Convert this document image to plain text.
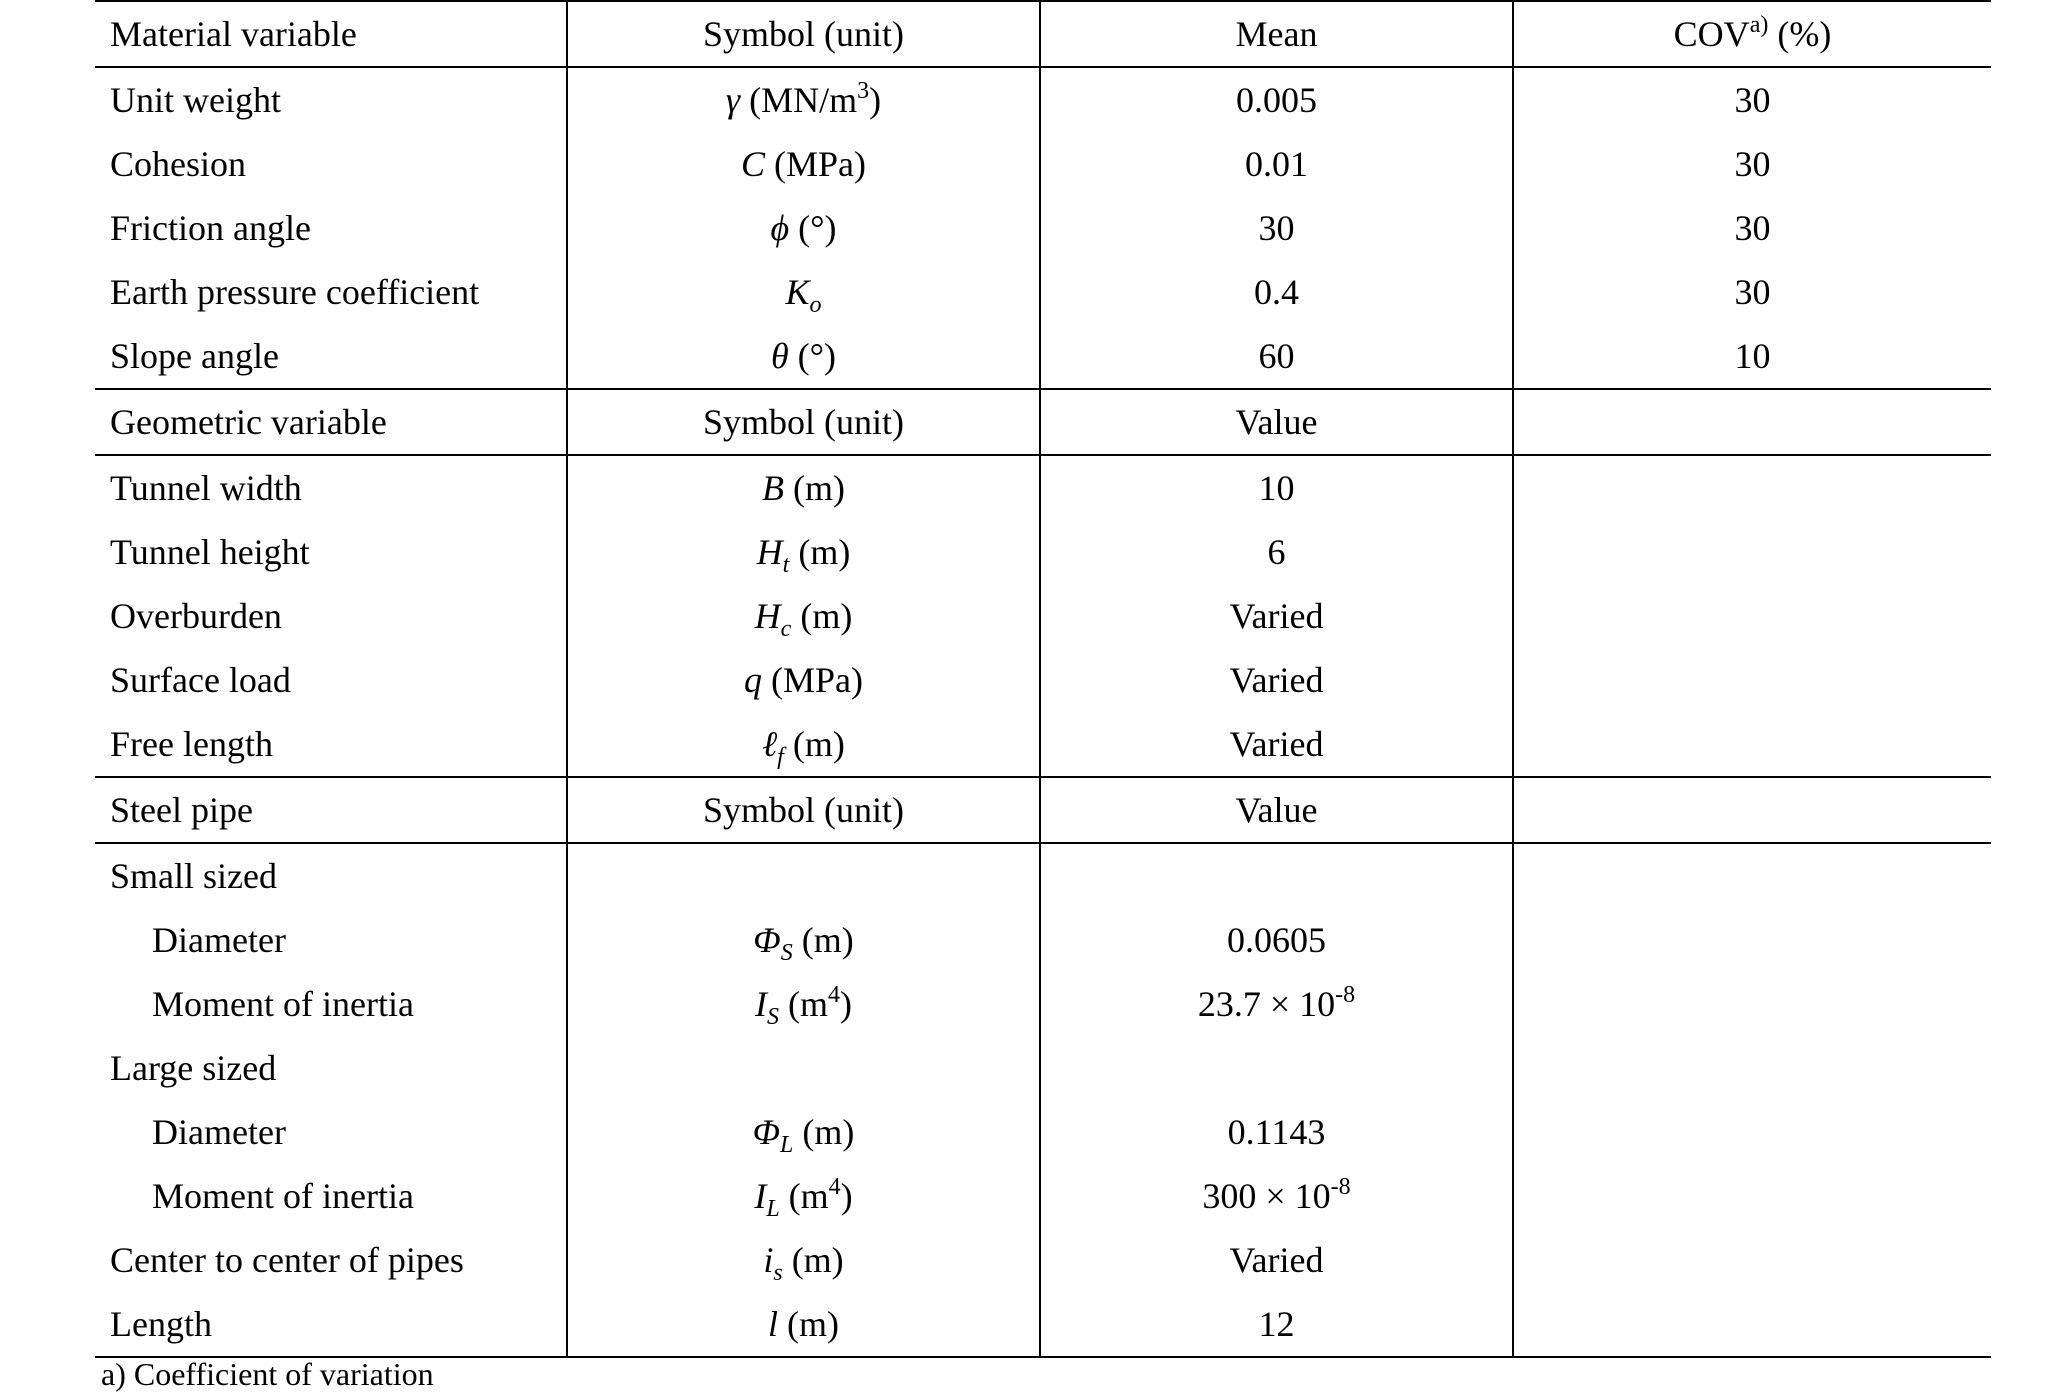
Material variable	Symbol (unit)	Mean	COV$^{a)}$ (%)
Unit weight	γ $(MN/m^3)$	0.005	30
Cohesion	C (MPa)	0.01	30
Friction angle	ϕ (°)	30	30
Earth pressure coefficient	$K_o$	0.4	30
Slope angle	θ (°)	60	10
Geometric variable	Symbol (unit)	Value	
Tunnel width	B (m)	10	
Tunnel height	$H_t$ (m)	6	
Overburden	$H_c$ (m)	Varied	
Surface load	q (MPa)	Varied	
Free length	ℓ$_f$ (m)	Varied	
Steel pipe	Symbol (unit)	Value	
Small sized			
Diameter	$\Phi_S$ (m)	0.0605	
Moment of inertia	$I_S$ $(m^4)$	$23.7 \times 10^{-8}$	
Large sized			
Diameter	$\Phi_L$ (m)	0.1143	
Moment of inertia	$I_L$ $(m^4)$	$300 \times 10^{-8}$	
Center to center of pipes	$i_s$ (m)	Varied	
Length	l (m)	12	
a) Coefficient of variation
